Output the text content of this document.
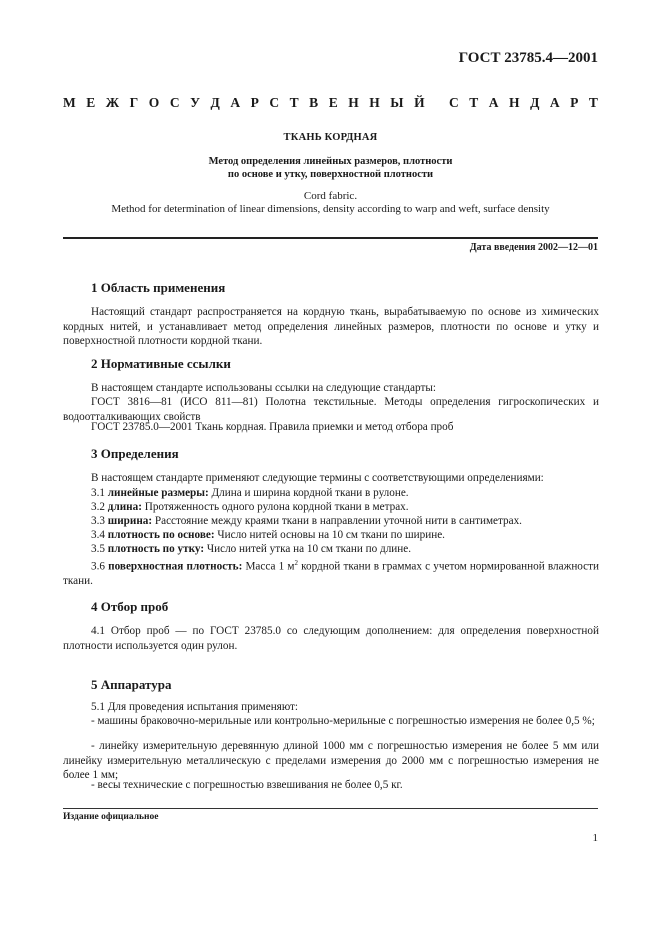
ГОСТ 23785.4—2001
М Е Ж Г О С У Д А Р С Т В Е Н Н Ы Й
С Т А Н Д А Р Т
ТКАНЬ КОРДНАЯ
Метод определения линейных размеров, плотности
по основе и утку, поверхностной плотности
Cord fabric.
Method for determination of linear dimensions, density according to warp and weft, surface density
Дата введения 2002—12—01
1 Область применения
Настоящий стандарт распространяется на кордную ткань, вырабатываемую по основе из химических кордных нитей, и устанавливает метод определения линейных размеров, плотности по основе и утку и поверхностной плотности кордной ткани.
2 Нормативные ссылки
В настоящем стандарте использованы ссылки на следующие стандарты:
ГОСТ 3816—81 (ИСО 811—81) Полотна текстильные. Методы определения гигроскопических и водоотталкивающих свойств
ГОСТ 23785.0—2001 Ткань кордная. Правила приемки и метод отбора проб
3 Определения
В настоящем стандарте применяют следующие термины с соответствующими определениями:
3.1 линейные размеры: Длина и ширина кордной ткани в рулоне.
3.2 длина: Протяженность одного рулона кордной ткани в метрах.
3.3 ширина: Расстояние между краями ткани в направлении уточной нити в сантиметрах.
3.4 плотность по основе: Число нитей основы на 10 см ткани по ширине.
3.5 плотность по утку: Число нитей утка на 10 см ткани по длине.
3.6 поверхностная плотность: Масса 1 $м^2$ кордной ткани в граммах с учетом нормированной влажности ткани.
4 Отбор проб
4.1 Отбор проб — по ГОСТ 23785.0 со следующим дополнением: для определения поверхностной плотности используется один рулон.
5 Аппаратура
5.1 Для проведения испытания применяют:
- машины браковочно-мерильные или контрольно-мерильные с погрешностью измерения не более 0,5 %;
- линейку измерительную деревянную длиной 1000 мм с погрешностью измерения не более 5 мм или линейку измерительную металлическую с пределами измерения до 2000 мм с погрешностью измерения не более 1 мм;
- весы технические с погрешностью взвешивания не более 0,5 кг.
Издание официальное
1
